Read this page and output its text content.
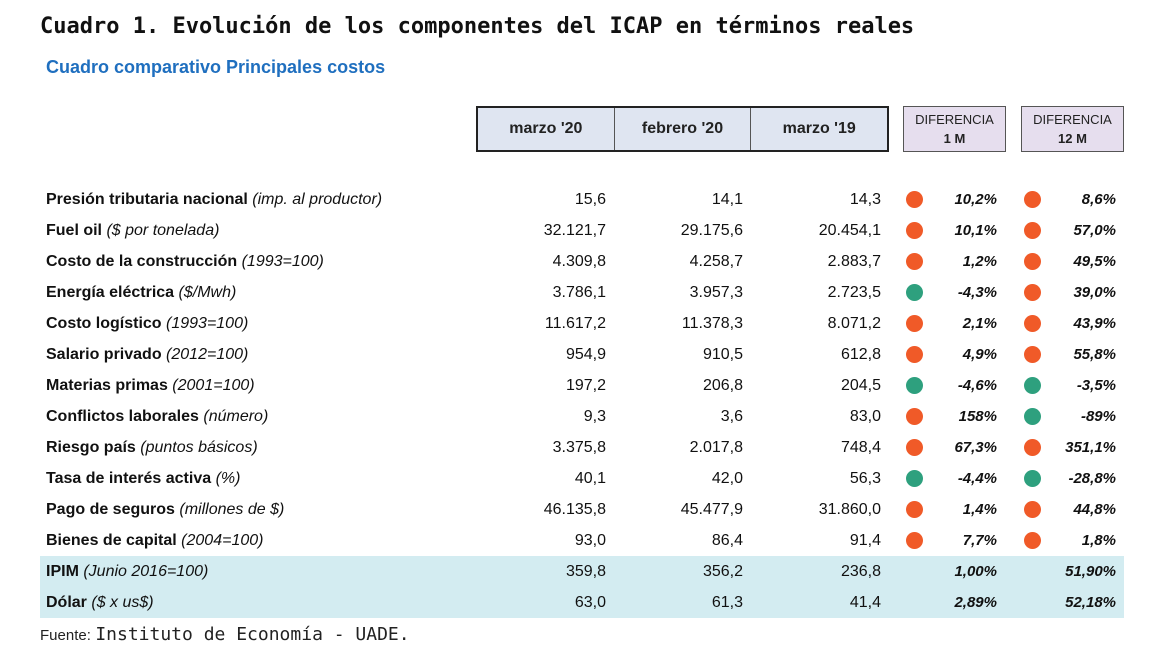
Cuadro 1. Evolución de los componentes del ICAP en términos reales
Cuadro comparativo Principales costos
marzo '20	febrero '20	marzo '19
DIFERENCIA
1 M
DIFERENCIA
12 M
Presión tributaria nacional (imp. al productor)	15,6	14,1	14,3	10,2%	8,6%
Fuel oil ($ por tonelada)	32.121,7	29.175,6	20.454,1	10,1%	57,0%
Costo de la construcción (1993=100)	4.309,8	4.258,7	2.883,7	1,2%	49,5%
Energía eléctrica ($/Mwh)	3.786,1	3.957,3	2.723,5	-4,3%	39,0%
Costo logístico (1993=100)	11.617,2	11.378,3	8.071,2	2,1%	43,9%
Salario privado (2012=100)	954,9	910,5	612,8	4,9%	55,8%
Materias primas (2001=100)	197,2	206,8	204,5	-4,6%	-3,5%
Conflictos laborales (número)	9,3	3,6	83,0	158%	-89%
Riesgo país (puntos básicos)	3.375,8	2.017,8	748,4	67,3%	351,1%
Tasa de interés activa (%)	40,1	42,0	56,3	-4,4%	-28,8%
Pago de seguros (millones de $)	46.135,8	45.477,9	31.860,0	1,4%	44,8%
Bienes de capital (2004=100)	93,0	86,4	91,4	7,7%	1,8%
IPIM (Junio 2016=100)	359,8	356,2	236,8	1,00%	51,90%
Dólar ($ x us$)	63,0	61,3	41,4	2,89%	52,18%
Fuente: Instituto de Economía - UADE.
